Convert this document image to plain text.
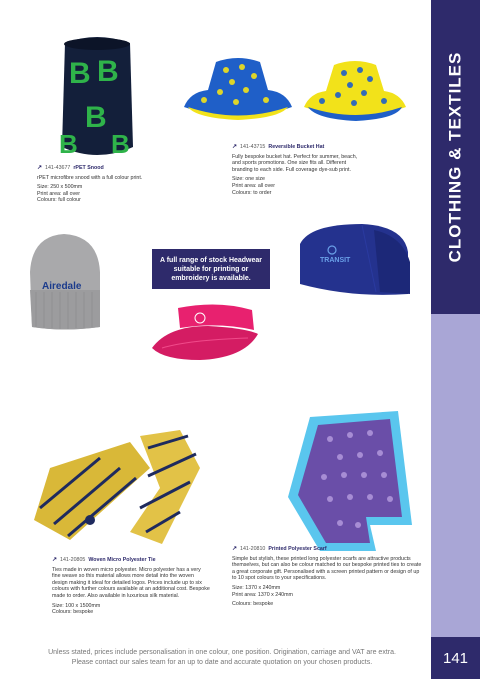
CLOTHING & TEXTILES
141
B B
B
B B
↗ 141-43677 rPET Snood

rPET microfibre snood with a full colour print.

Size: 250 x 500mm
Print area: all over
Colours: full colour
↗ 141-43715 Reversible Bucket Hat

Fully bespoke bucket hat. Perfect for summer, beach, and sports promotions. One size fits all. Different branding to each side. Full coverage dye-sub print.

Size: one size
Print area: all over
Colours: to order
Airedale
A full range of stock Headwear suitable for printing or embroidery is available.
TRANSIT
↗ 141-20805 Woven Micro Polyester Tie

Ties made in woven micro polyester. Micro polyester has a very fine weave so this material allows more detail into the woven design making it ideal for detailed logos. Prices include up to six colours with further colours available at an additional cost. Bespoke made to order. Also available in luxurious silk material.

Size: 100 x 1500mm
Colours: bespoke
↗ 141-20810 Printed Polyester Scarf

Simple but stylish, these printed long polyester scarfs are attractive products themselves, but can also be colour matched to our bespoke printed ties to create a great corporate gift. Personalised with a screen printed pattern or design of up to 10 spot colours to your specifications.

Size: 1370 x 240mm
Print area: 1370 x 240mm
Colours: bespoke
Unless stated, prices include personalisation in one colour, one position. Origination, carriage and VAT are extra.
Please contact our sales team for an up to date and accurate quotation on your chosen products.
